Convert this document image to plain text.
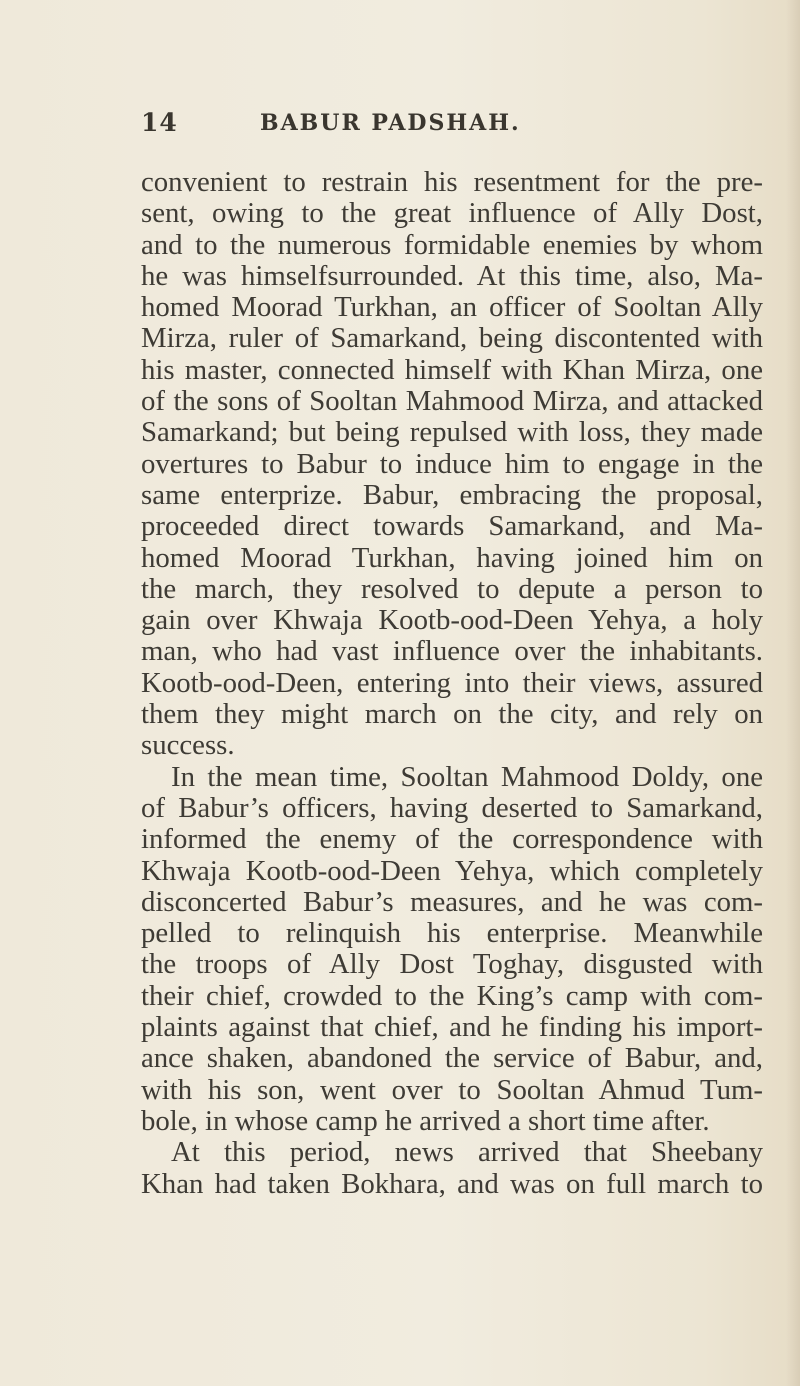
14	BABUR PADSHAH.
convenient to restrain his resentment for the pre-
sent, owing to the great influence of Ally Dost,
and to the numerous formidable enemies by whom
he was himselfsurrounded. At this time, also, Ma-
homed Moorad Turkhan, an officer of Sooltan Ally
Mirza, ruler of Samarkand, being discontented with
his master, connected himself with Khan Mirza, one
of the sons of Sooltan Mahmood Mirza, and attacked
Samarkand; but being repulsed with loss, they made
overtures to Babur to induce him to engage in the
same enterprize. Babur, embracing the proposal,
proceeded direct towards Samarkand, and Ma-
homed Moorad Turkhan, having joined him on
the march, they resolved to depute a person to
gain over Khwaja Kootb-ood-Deen Yehya, a holy
man, who had vast influence over the inhabitants.
Kootb-ood-Deen, entering into their views, assured
them they might march on the city, and rely on
success.
In the mean time, Sooltan Mahmood Doldy, one
of Babur’s officers, having deserted to Samarkand,
informed the enemy of the correspondence with
Khwaja Kootb-ood-Deen Yehya, which completely
disconcerted Babur’s measures, and he was com-
pelled to relinquish his enterprise. Meanwhile
the troops of Ally Dost Toghay, disgusted with
their chief, crowded to the King’s camp with com-
plaints against that chief, and he finding his import-
ance shaken, abandoned the service of Babur, and,
with his son, went over to Sooltan Ahmud Tum-
bole, in whose camp he arrived a short time after.
At this period, news arrived that Sheebany
Khan had taken Bokhara, and was on full march to
